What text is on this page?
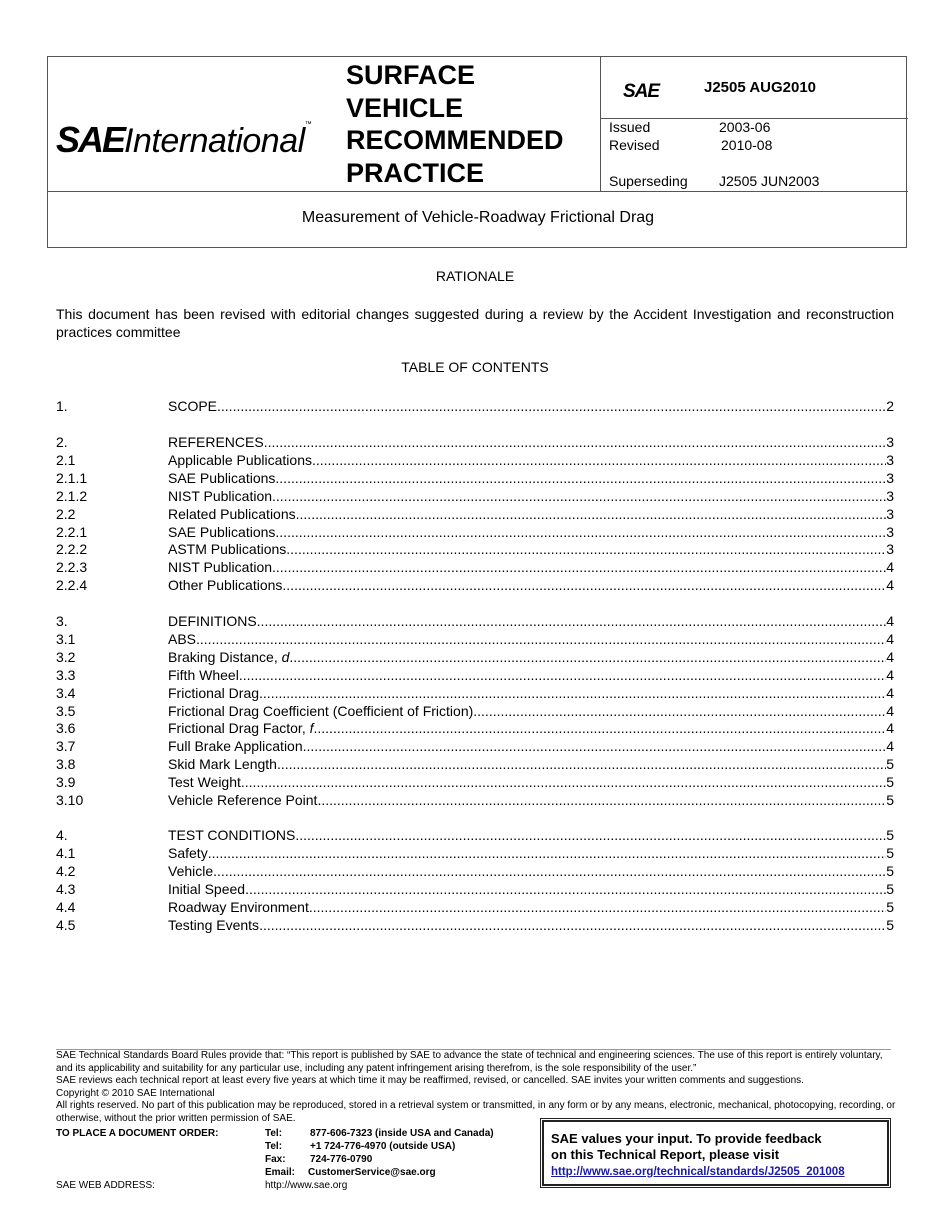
SAEInternational™
SURFACE
VEHICLE
RECOMMENDED
PRACTICE
SAE	J2505 AUG2010
Issued	2003-06
Revised	2010-08
Superseding J2505 JUN2003
Measurement of Vehicle-Roadway Frictional Drag
RATIONALE
This document has been revised with editorial changes suggested during a review by the Accident Investigation and reconstruction practices committee
TABLE OF CONTENTS
1.	SCOPE .....	2
2.	REFERENCES .....	3
2.1	Applicable Publications .....	3
2.1.1	SAE Publications .....	3
2.1.2	NIST Publication .....	3
2.2	Related Publications .....	3
2.2.1	SAE Publications .....	3
2.2.2	ASTM Publications .....	3
2.2.3	NIST Publication .....	4
2.2.4	Other Publications .....	4
3.	DEFINITIONS .....	4
3.1	ABS .....	4
3.2	Braking Distance, d .....	4
3.3	Fifth Wheel .....	4
3.4	Frictional Drag .....	4
3.5	Frictional Drag Coefficient (Coefficient of Friction) .....	4
3.6	Frictional Drag Factor, f .....	4
3.7	Full Brake Application .....	4
3.8	Skid Mark Length .....	5
3.9	Test Weight .....	5
3.10	Vehicle Reference Point .....	5
4.	TEST CONDITIONS .....	5
4.1	Safety .....	5
4.2	Vehicle .....	5
4.3	Initial Speed .....	5
4.4	Roadway Environment .....	5
4.5	Testing Events .....	5

SAE Technical Standards Board Rules provide that: “This report is published by SAE to advance the state of technical and engineering sciences. The use of this report is entirely voluntary, and its applicability and suitability for any particular use, including any patent infringement arising therefrom, is the sole responsibility of the user.”

SAE reviews each technical report at least every five years at which time it may be reaffirmed, revised, or cancelled. SAE invites your written comments and suggestions.

Copyright © 2010 SAE International

All rights reserved. No part of this publication may be reproduced, stored in a retrieval system or transmitted, in any form or by any means, electronic, mechanical, photocopying, recording, or otherwise, without the prior written permission of SAE.

TO PLACE A DOCUMENT ORDER:	Tel:	877-606-7323 (inside USA and Canada)
Tel:	+1 724-776-4970 (outside USA)
Fax: 724-776-0790
Email: CustomerService@sae.org
SAE WEB ADDRESS:	http://www.sae.org
SAE values your input. To provide feedback
on this Technical Report, please visit
http://www.sae.org/technical/standards/J2505_201008
